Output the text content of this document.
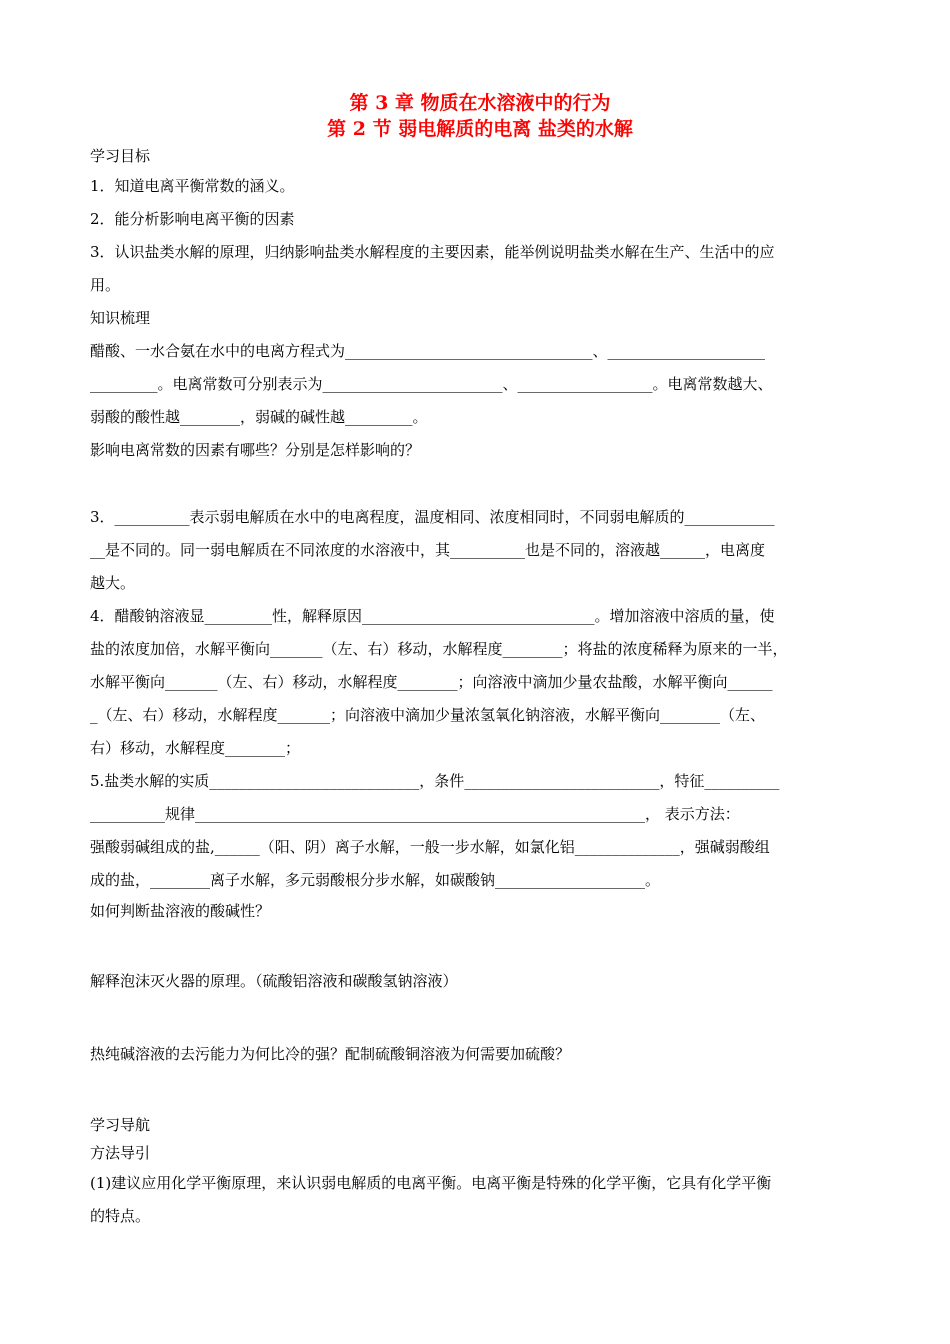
第 3 章 物质在水溶液中的行为

第 2 节 弱电解质的电离 盐类的水解

学习目标

1．知道电离平衡常数的涵义。

2．能分析影响电离平衡的因素

3．认识盐类水解的原理，归纳影响盐类水解程度的主要因素，能举例说明盐类水解在生产、生活中的应

用。

知识梳理

醋酸、一水合氨在水中的电离方程式为_________________________________、_____________________

_________。电离常数可分别表示为________________________、__________________。电离常数越大、

弱酸的酸性越________，弱碱的碱性越_________。

影响电离常数的因素有哪些？分别是怎样影响的？

3．__________表示弱电解质在水中的电离程度，温度相同、浓度相同时，不同弱电解质的____________

__是不同的。同一弱电解质在不同浓度的水溶液中，其__________也是不同的，溶液越______，电离度

越大。

4．醋酸钠溶液显_________性，解释原因_______________________________。增加溶液中溶质的量，使

盐的浓度加倍，水解平衡向_______（左、右）移动，水解程度________；将盐的浓度稀释为原来的一半，

水解平衡向_______（左、右）移动，水解程度________；向溶液中滴加少量农盐酸，水解平衡向______

_（左、右）移动，水解程度_______；向溶液中滴加少量浓氢氧化钠溶液，水解平衡向________（左、

右）移动，水解程度________；

5.盐类水解的实质____________________________，条件__________________________，特征__________

__________规律____________________________________________________________， 表示方法：

强酸弱碱组成的盐,______（阳、阴）离子水解，一般一步水解，如氯化铝______________，强碱弱酸组

成的盐，________离子水解，多元弱酸根分步水解，如碳酸钠____________________。

如何判断盐溶液的酸碱性？

解释泡沫灭火器的原理。（硫酸铝溶液和碳酸氢钠溶液）

热纯碱溶液的去污能力为何比冷的强？配制硫酸铜溶液为何需要加硫酸？

学习导航

方法导引

(1)建议应用化学平衡原理，来认识弱电解质的电离平衡。电离平衡是特殊的化学平衡，它具有化学平衡

的特点。
